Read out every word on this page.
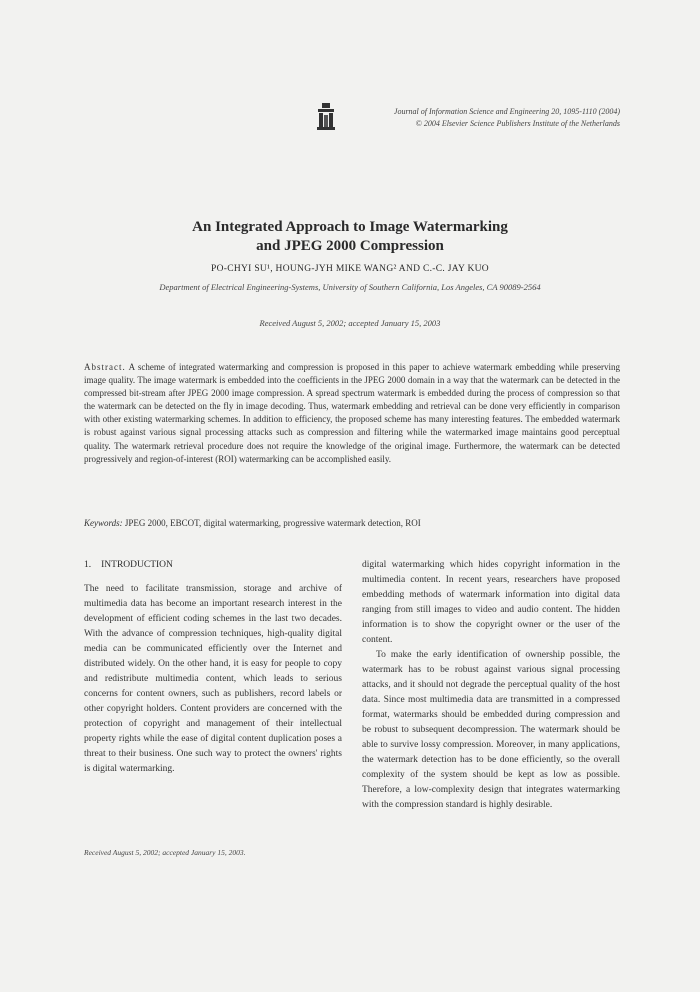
Journal of Information Science and Engineering 20, 1095-1110 (2004)
© 2004 Elsevier Science Publishers Institute of the Netherlands
An Integrated Approach to Image Watermarking
and JPEG 2000 Compression
PO-CHYI SU¹, HOUNG-JYH MIKE WANG² AND C.-C. JAY KUO
Department of Electrical Engineering-Systems, University of Southern California, Los Angeles, CA 90089-2564
Received August 5, 2002; accepted January 15, 2003
Abstract. A scheme of integrated watermarking and compression is proposed in this paper to achieve watermark embedding while preserving image quality. The image watermark is embedded into the coefficients in the JPEG 2000 domain in a way that the watermark can be detected in the compressed bit-stream after JPEG 2000 image compression. A spread spectrum watermark is embedded during the process of compression so that the watermark can be detected on the fly in image decoding. Thus, watermark embedding and retrieval can be done very efficiently in comparison with other existing watermarking schemes. In addition to efficiency, the proposed scheme has many interesting features. The embedded watermark is robust against various signal processing attacks such as compression and filtering while the watermarked image maintains good perceptual quality. The watermark retrieval procedure does not require the knowledge of the original image. Furthermore, the watermark can be detected progressively and region-of-interest (ROI) watermarking can be accomplished easily.
Keywords: JPEG 2000, EBCOT, digital watermarking, progressive watermark detection, ROI
1. INTRODUCTION

The need to facilitate transmission, storage and archive of multimedia data has become an important research interest in the development of efficient coding schemes in the last two decades. With the advance of compression techniques, high-quality digital media can be communicated efficiently over the Internet and distributed widely. On the other hand, it is easy for people to copy and redistribute multimedia content, which leads to serious concerns for content owners, such as publishers, record labels or other copyright holders. Content providers are concerned with the protection of copyright and management of their intellectual property rights while the ease of digital content duplication poses a threat to their business. One such way to protect the owners' rights is digital watermarking.

Received August 5, 2002; accepted January 15, 2003.

digital watermarking which hides copyright information in the multimedia content. In recent years, researchers have proposed embedding methods of watermark information into digital data ranging from still images to video and audio content. The hidden information is to show the copyright owner or the user of the content.

To make the early identification of ownership possible, the watermark has to be robust against various signal processing attacks, and it should not degrade the perceptual quality of the host data. Since most multimedia data are transmitted in a compressed format, watermarks should be embedded during compression and be robust to subsequent decompression. The watermark should be able to survive lossy compression. Moreover, in many applications, the watermark detection has to be done efficiently, so the overall complexity of the system should be kept as low as possible. Therefore, a low-complexity design that integrates watermarking with the compression standard is highly desirable.
